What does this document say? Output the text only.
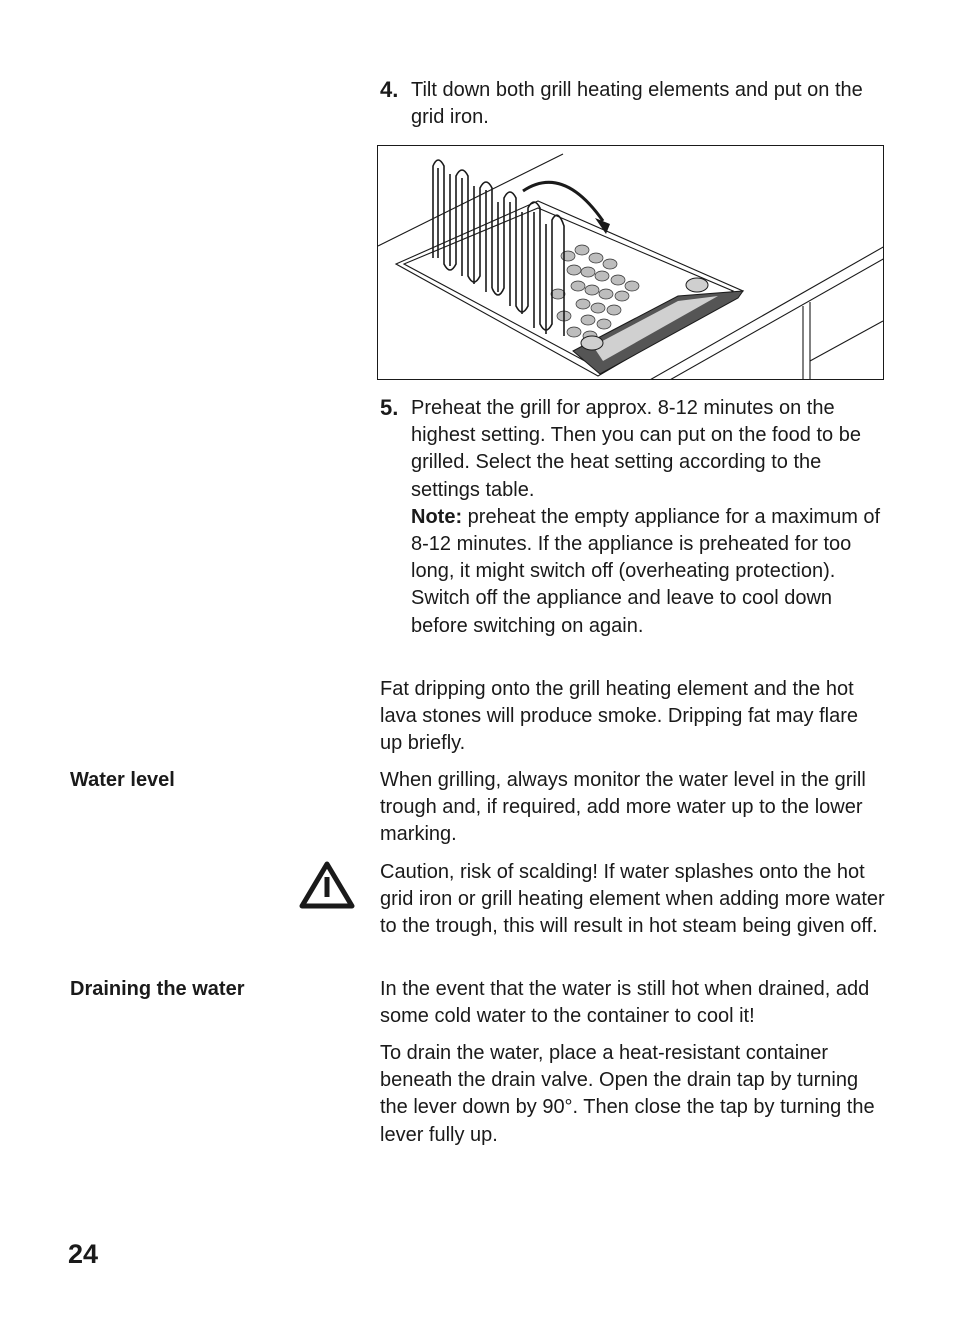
4. Tilt down both grill heating elements and put on the grid iron.

5. Preheat the grill for approx. 8-12 minutes on the highest setting. Then you can put on the food to be grilled. Select the heat setting according to the settings table.
Note: preheat the empty appliance for a maximum of 8-12 minutes. If the appliance is preheated for too long, it might switch off (overheating protection). Switch off the appliance and leave to cool down before switching on again.

Fat dripping onto the grill heating element and the hot lava stones will produce smoke. Dripping fat may flare up briefly.

Water level	When grilling, always monitor the water level in the grill trough and, if required, add more water up to the lower marking.

Caution, risk of scalding! If water splashes onto the hot grid iron or grill heating element when adding more water to the trough, this will result in hot steam being given off.

Draining the water	In the event that the water is still hot when drained, add some cold water to the container to cool it!

To drain the water, place a heat-resistant container beneath the drain valve. Open the drain tap by turning the lever down by 90°. Then close the tap by turning the lever fully up.

24
